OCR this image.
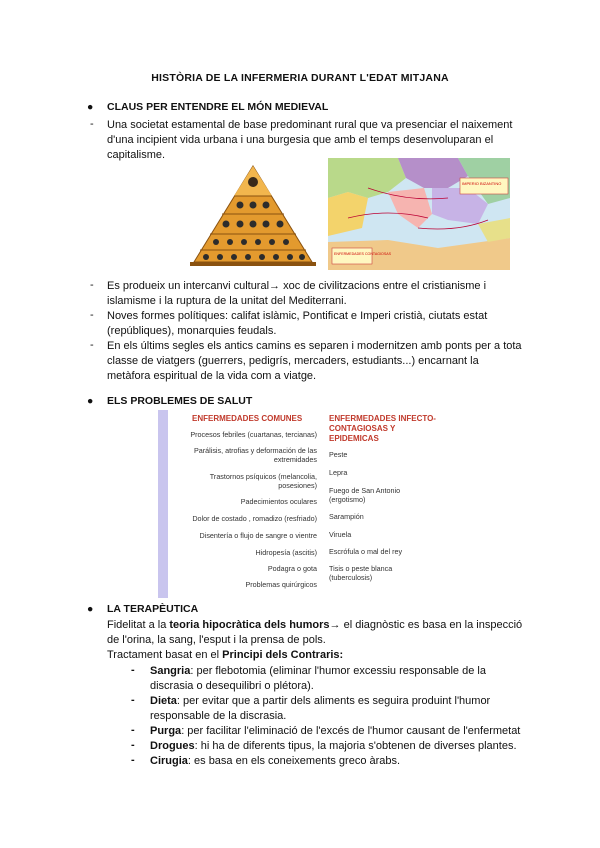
HISTÒRIA DE LA INFERMERIA DURANT L'EDAT MITJANA
● CLAUS PER ENTENDRE EL MÓN MEDIEVAL
- Una societat estamental de base predominant rural que va presenciar el naixement
d'una incipient vida urbana i una burgesia que amb el temps desenvoluparan el
capitalisme.
IMPERIO BIZANTINO
ENFERMEDADES CONTAGIOSAS
- Es produeix un intercanvi cultural→ xoc de civilitzacions entre el cristianisme i
islamisme i la ruptura de la unitat del Mediterrani.
- Noves formes polítiques: califat islàmic, Pontificat e Imperi cristià, ciutats estat
(repúbliques), monarquies feudals.
- En els últims segles els antics camins es separen i modernitzen amb ponts per a tota
classe de viatgers (guerrers, pedigrís, mercaders, estudiants...) encarnant la
metàfora espiritual de la vida com a viatge.
● ELS PROBLEMES DE SALUT
ENFERMEDADES COMUNES	ENFERMEDADES INFECTO-
CONTAGIOSAS Y
EPIDEMICAS
Procesos febriles (cuartanas, tercianas)
Parálisis, atrofias y deformación de las
extremidades
Trastornos psíquicos (melancolia,
posesiones)
Padecimientos oculares
Dolor de costado , romadizo (resfriado)
Disentería o flujo de sangre o vientre
Hidropesía (ascitis)
Podagra o gota
Problemas quirúrgicos
Peste
Lepra
Fuego de San Antonio
(ergotismo)
Sarampión
Viruela
Escrófula o mal del rey
Tisis o peste blanca
(tuberculosis)
● LA TERAPÈUTICA
Fidelitat a la teoria hipocràtica dels humors→ el diagnòstic es basa en la inspecció
de l'orina, la sang, l'esput i la prensa de pols.
Tractament basat en el Principi dels Contraris:
- Sangria: per flebotomia (eliminar l'humor excessiu responsable de la
discrasia o desequilibri o plétora).
- Dieta: per evitar que a partir dels aliments es seguira produint l'humor
responsable de la discrasia.
- Purga: per facilitar l'eliminació de l'excés de l'humor causant de l'enfermetat
- Drogues: hi ha de diferents tipus, la majoria s'obtenen de diverses plantes.
- Cirugia: es basa en els coneixements greco àrabs.
